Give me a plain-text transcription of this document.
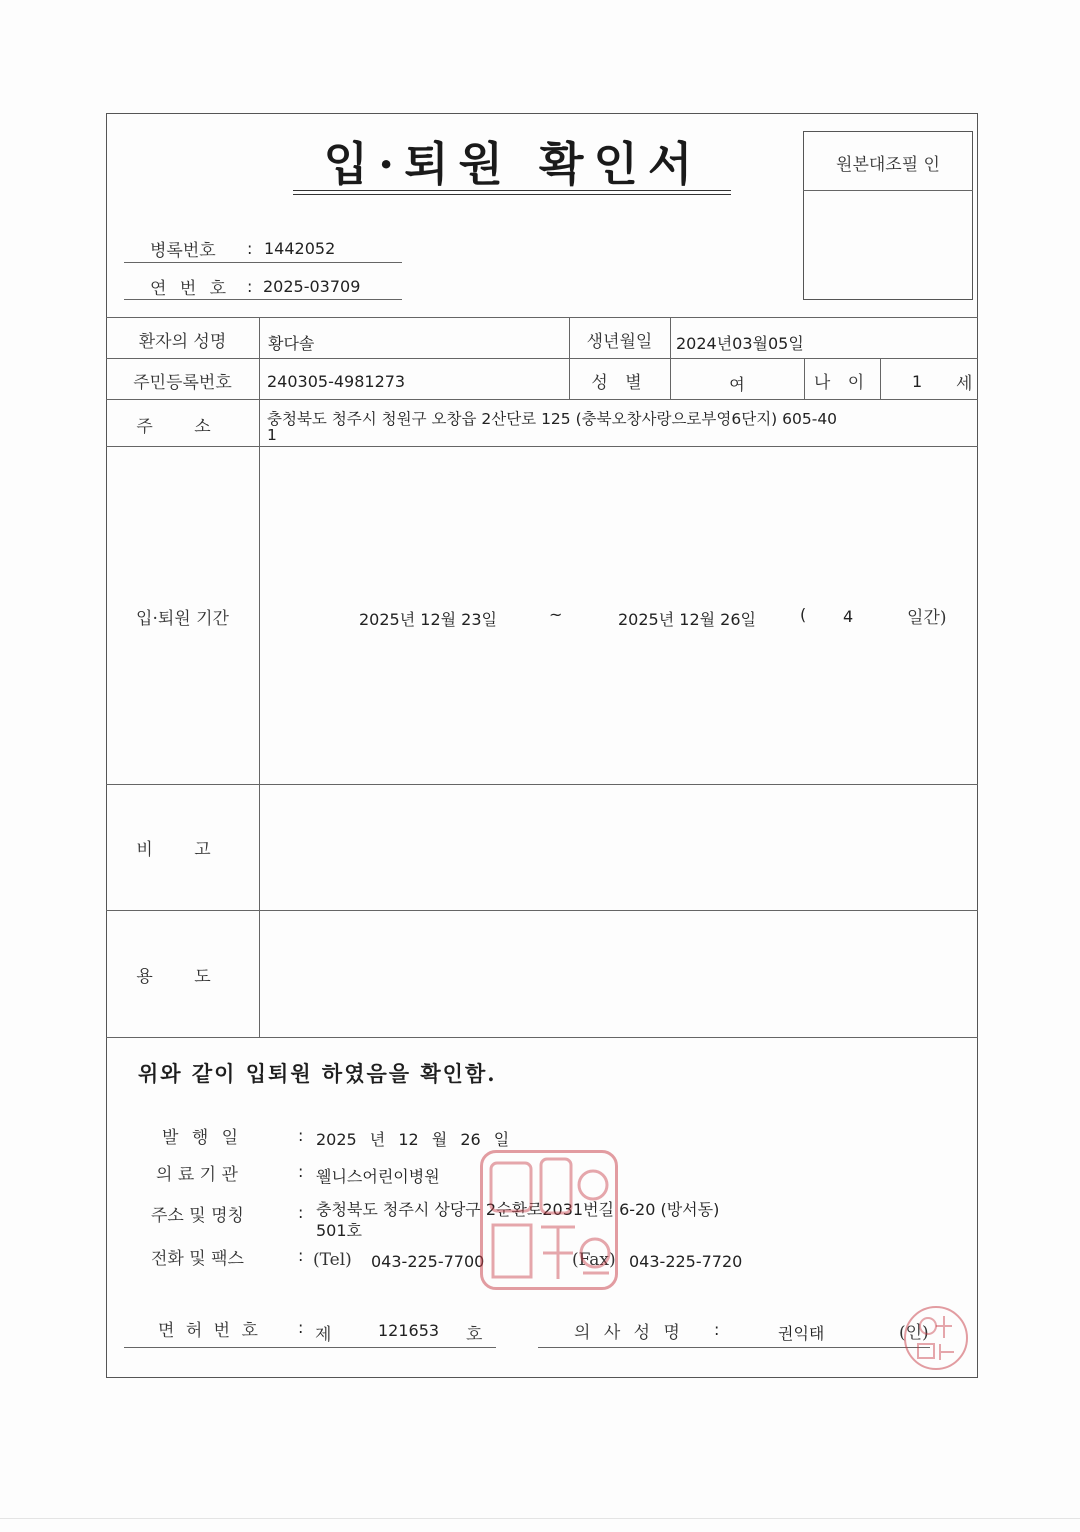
입·퇴원 확인서	원본대조필 인
병록번호 : 1442052
연 번 호 : 2025-03709
환자의 성명	황다솔	생년월일	2024년03월05일
주민등록번호	240305-4981273	성 별	여	나 이	1 세
주 소	충청북도 청주시 청원구 오창읍 2산단로 125 (충북오창사랑으로부영6단지) 605-40
1
입·퇴원 기간	2025년 12월 23일	~	2025년 12월 26일	( 4	일간)
비 고
용 도
위와 같이 입퇴원 하였음을 확인함.
발 행 일	: 2025 년 12 월 26 일
의 료 기 관	: 웰니스어린이병원
주소 및 명칭	: 충청북도 청주시 상당구 2순환로2031번길 6-20 (방서동)
501호
전화 및 팩스	: (Tel) 043-225-7700	(Fax) 043-225-7720
면 허 번 호 : 제	121653 호	의 사 성 명 :	권익태	(인)
